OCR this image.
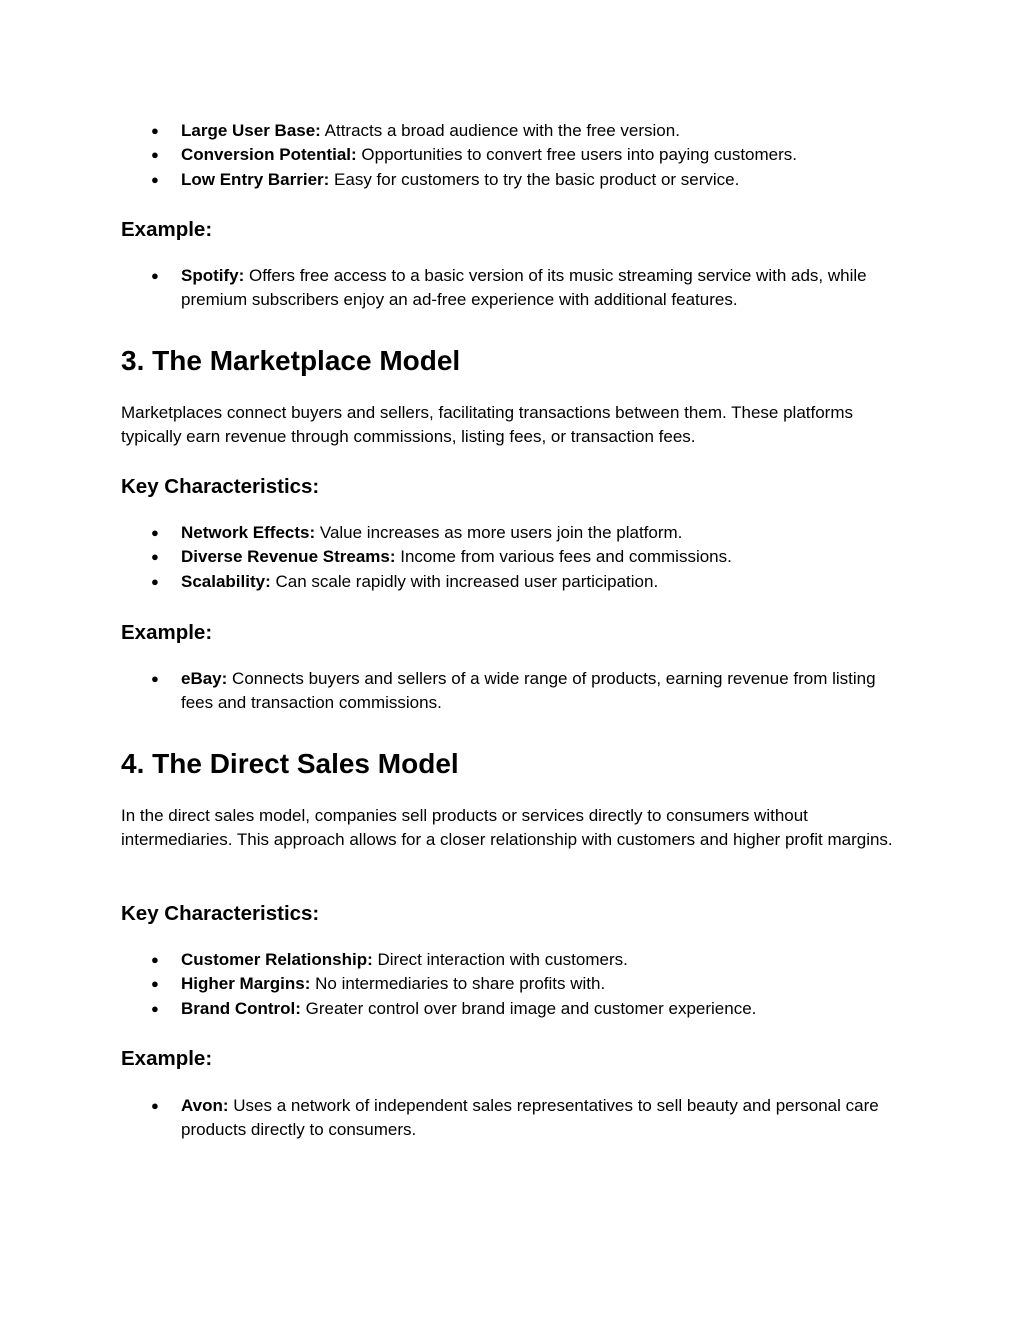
● Large User Base: Attracts a broad audience with the free version.
● Conversion Potential: Opportunities to convert free users into paying customers.
● Low Entry Barrier: Easy for customers to try the basic product or service.
Example:
● Spotify: Offers free access to a basic version of its music streaming service with ads, while premium subscribers enjoy an ad-free experience with additional features.
3. The Marketplace Model

Marketplaces connect buyers and sellers, facilitating transactions between them. These platforms typically earn revenue through commissions, listing fees, or transaction fees.

Key Characteristics:
● Network Effects: Value increases as more users join the platform.
● Diverse Revenue Streams: Income from various fees and commissions.
● Scalability: Can scale rapidly with increased user participation.
Example:
● eBay: Connects buyers and sellers of a wide range of products, earning revenue from listing fees and transaction commissions.
4. The Direct Sales Model

In the direct sales model, companies sell products or services directly to consumers without intermediaries. This approach allows for a closer relationship with customers and higher profit margins.

Key Characteristics:
● Customer Relationship: Direct interaction with customers.
● Higher Margins: No intermediaries to share profits with.
● Brand Control: Greater control over brand image and customer experience.
Example:
● Avon: Uses a network of independent sales representatives to sell beauty and personal care products directly to consumers.
